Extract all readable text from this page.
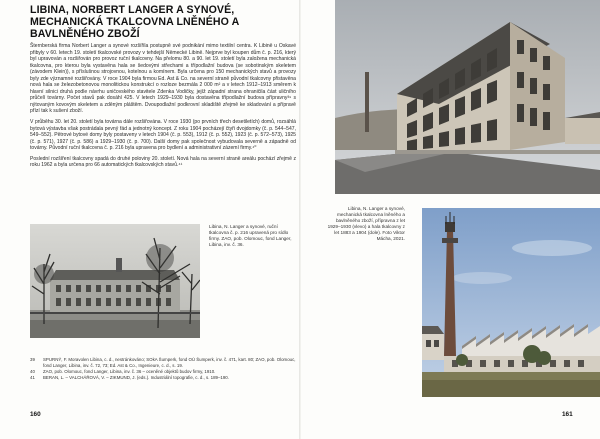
LIBINA, NORBERT LANGER A SYNOVÉ, MECHANICKÁ TKALCOVNA LNĚNÉHO A BAVLNĚNÉHO ZBOŽÍ

Šternberská firma Norbert Langer a synové rozšířila postupně své podnikání mimo textilní centra. K Libině u Oskavé přibyly v 60. letech 19. století tkalcovské provozy v tehdejší Německé Libině. Nejprve byl koupen dům č. p. 216, který byl upravován a rozšiřován pro provoz ruční tkalcovny. Na přelomu 80. a 90. let 19. století byla založena mechanická tkalcovna, pro kterou byla vystavěna hala se šedovými střechami a třípodlažní budova (se sobotinským skeletem (závodem Klein)), s příslušnou strojovnou, kotelnou a komínem. Byla určena pro 150 mechanických stavů a provozy byly zde významné rozšiřovány. V roce 1904 byla firmou Ed. Ast & Co. na severní straně původní tkalcovny přistavěna nová hala se železobetonovou monolitickou konstrukcí o rozloze bezmála 2 000 m² a v letech 1912–1913 směrem k hlavní silnici druhá podle návrhu uničovského stavitele Zdenka Vodičky, jejíž západní strana ohraničila část uličního průčelí továrny. Počet stavů pak dosáhl 425. V letech 1929–1930 byla dostavěna třípodlažní budova přípravny³⁹ s nýtovaným kovovým skeletem a zděným pláštěm. Dvoupodlažní podkrovní skladiště zřejmě ke skladování a přípravě přízí tak k sušení zboží.

V průběhu 30. let 20. století byla továrna dále rozšiřována. V roce 1930 (po prvních třech desetiletích) domů, rozsáhlá bytová výstavba však postrádala pevný řád a jednotný koncept. Z roku 1904 pocházejí čtyři dvojdomky (č. p. 544–547, 549–552). Pětrové bytové domy byly postaveny v letech 1904 (č. p. 553), 1912 (č. p. 552), 1923 (č. p. 572–573), 1925 (č. p. 571), 1927 (č. p. 586) a 1929–1930 (č. p. 700). Další domy pak společnost vybudovala severně a západně od továrny. Původní ruční tkalcovna č. p. 216 byla upravena pro bydlení a administrativní zázemí firmy.⁴⁰

Poslední rozšíření tkalcovny spadá do druhé poloviny 20. století. Nová hala na severní straně areálu pochází zřejmě z roku 1962 a byla určena pro 66 automatických tkalcovských stavů.⁴¹

Libina, N. Langer a synové, ruční tkalcovna č. p. 216 upravená pro sídlo firmy. ZAO, pob. Olomouc, fond Langer, Libina, inv. č. 36.
39	SPURNÝ, F. Moravolen Libina, c. d., nestránkováno; SOkA Šumperk, fond OÚ Šumperk, inv. č. 471, kart. 80; ZAO, pob. Olomouc, fond Langer, Libina, inv. č. 72, 73; Ed. Ast & Co., Ingenieure, c. d., s. 19.
40	ZAO, pob. Olomouc, fond Langer, Libina, inv. č. 36 – oceněné objektů budov firmy, 1910.
41	BERAN, L. – VALCHÁŘOVÁ, V. – ZIKMUND, J. (eds.). Industriální topografie, c. d., s. 189–190.
160
Libina, N. Langer a synové, mechanická tkalcovna lněného a bavlněného zboží, přípravna z let 1929–1930 (vlevo) a hala tkalcovny z let 1883 a 1904 (dole). Foto Viktor Mácha, 2021.
161
